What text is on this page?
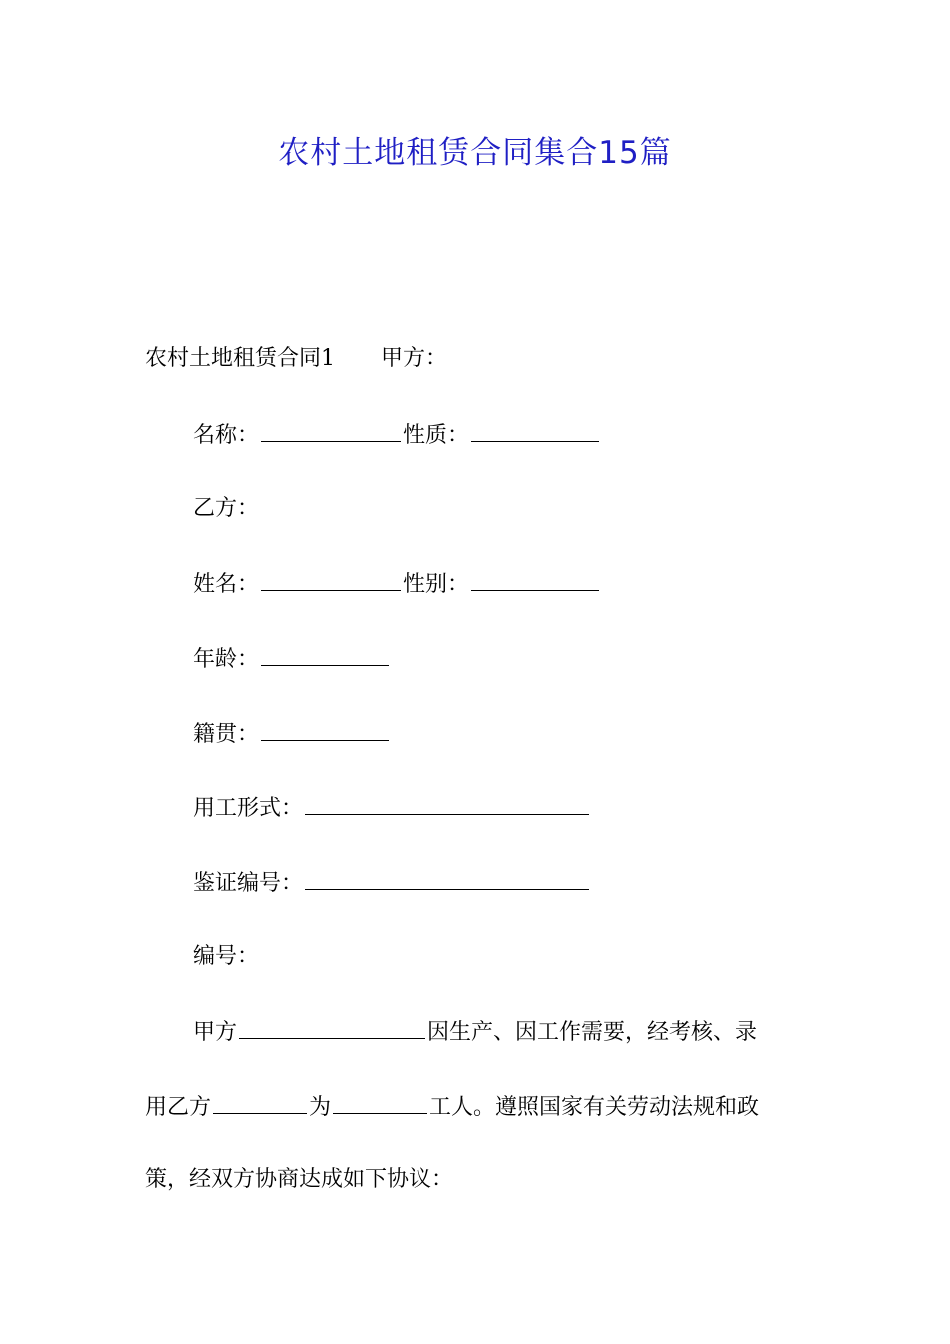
农村土地租赁合同集合15篇
农村土地租赁合同1 甲方：
名称：	性质：
乙方：
姓名：	性别：
年龄：
籍贯：
用工形式：
鉴证编号：
编号：
甲方	因生产、因工作需要，经考核、录
用乙方	为	工人。遵照国家有关劳动法规和政
策，经双方协商达成如下协议：
